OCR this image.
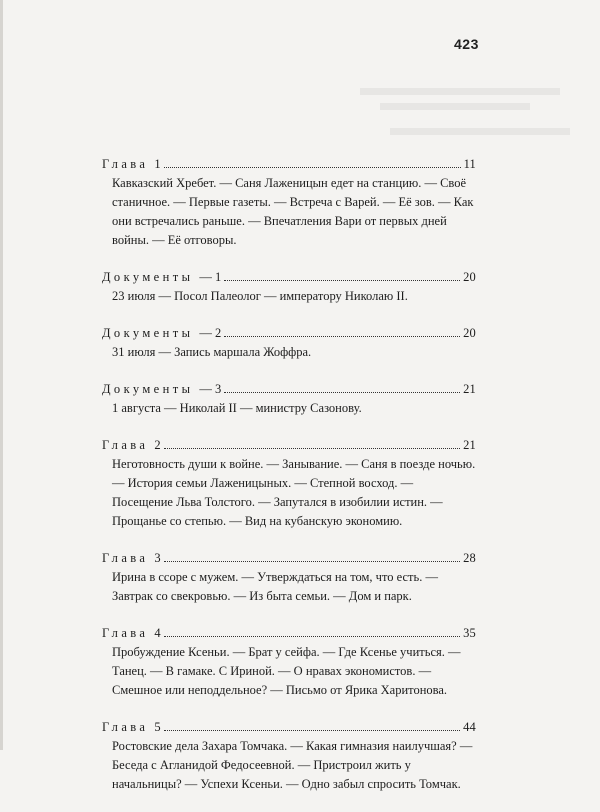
423
Глава 1	11
Кавказский Хребет. — Саня Лаженицын едет на станцию. — Своё станичное. — Первые газеты. — Встреча с Варей. — Её зов. — Как они встречались раньше. — Впечатления Вари от первых дней войны. — Её отговоры.
Документы — 1	20
23 июля — Посол Палеолог — императору Николаю II.
Документы — 2	20
31 июля — Запись маршала Жоффра.
Документы — 3	21
1 августа — Николай II — министру Сазонову.
Глава 2	21
Неготовность души к войне. — Занывание. — Саня в поезде ночью. — История семьи Лаженицыных. — Степной восход. — Посещение Льва Толстого. — Запутался в изобилии истин. — Прощанье со степью. — Вид на кубанскую экономию.
Глава 3	28
Ирина в ссоре с мужем. — Утверждаться на том, что есть. — Завтрак со свекровью. — Из быта семьи. — Дом и парк.
Глава 4	35
Пробуждение Ксеньи. — Брат у сейфа. — Где Ксенье учиться. — Танец. — В гамаке. С Ириной. — О нравах экономистов. — Смешное или неподдельное? — Письмо от Ярика Харитонова.
Глава 5	44
Ростовские дела Захара Томчака. — Какая гимназия наилучшая? — Беседа с Агланидой Федосеевной. — Пристроил жить у начальницы? — Успехи Ксеньи. — Одно забыл спросить Томчак.
